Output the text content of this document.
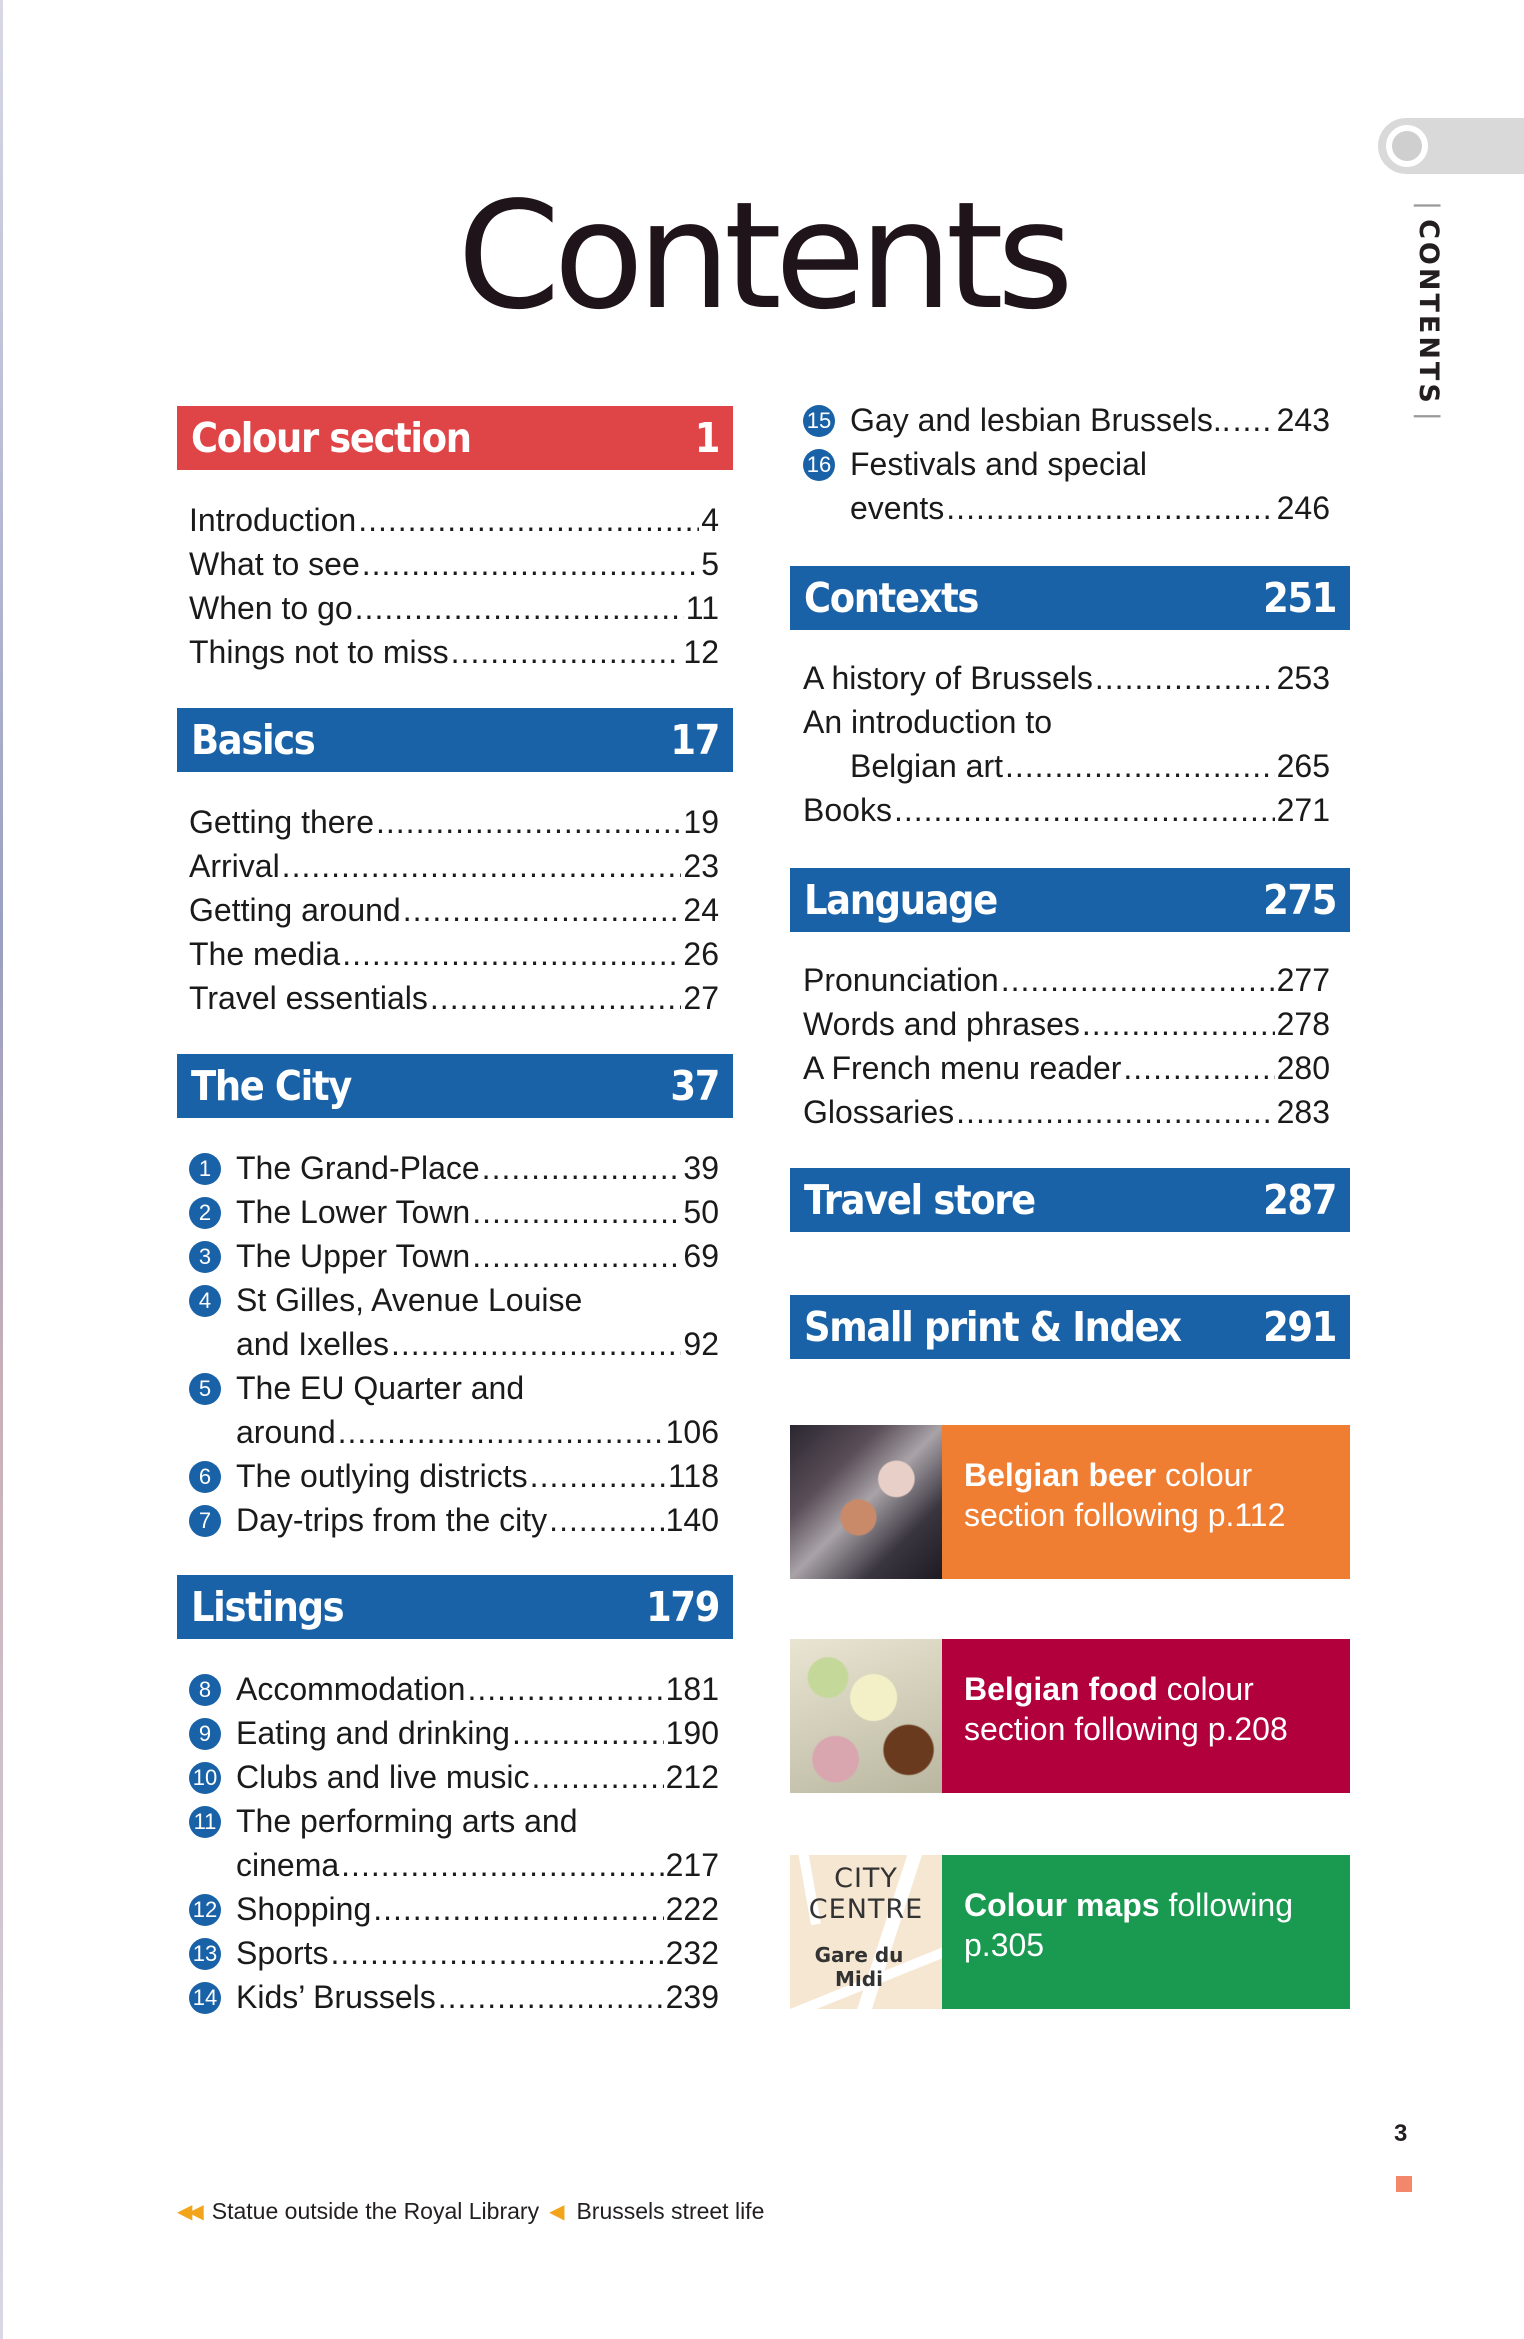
Contents	| CONTENTS |
Colour section	1
Introduction .....	4
What to see .....	5
When to go .....	11
Things not to miss .....	12
Basics	17
Getting there .....	19
Arrival .....	23
Getting around .....	24
The media .....	26
Travel essentials .....	27
The City	37
1 The Grand-Place .....	39
2 The Lower Town .....	50
3 The Upper Town .....	69
4 St Gilles, Avenue Louise
and Ixelles .....	92
5 The EU Quarter and
around .....	106
6 The outlying districts .....	118
7 Day-trips from the city .....	140
Listings	179
8 Accommodation .....	181
9 Eating and drinking .....	190
10 Clubs and live music .....	212
11 The performing arts and
cinema .....	217
12 Shopping .....	222
13 Sports .....	232
14 Kids’ Brussels .....	239
15 Gay and lesbian Brussels.. ..... 243
16 Festivals and special
events .....	246
Contexts	251
A history of Brussels .....	253
An introduction to
Belgian art .....	265
Books .....	271
Language	275
Pronunciation .....	277
Words and phrases .....	278
A French menu reader .....	280
Glossaries .....	283
Travel store	287
Small print & Index 291
Belgian beer colour section following p.112
Belgian food colour section following p.208
CITY CENTRE
Gare du Midi
Colour maps following p.305
3
◀◀ Statue outside the Royal Library ◀ Brussels street life
